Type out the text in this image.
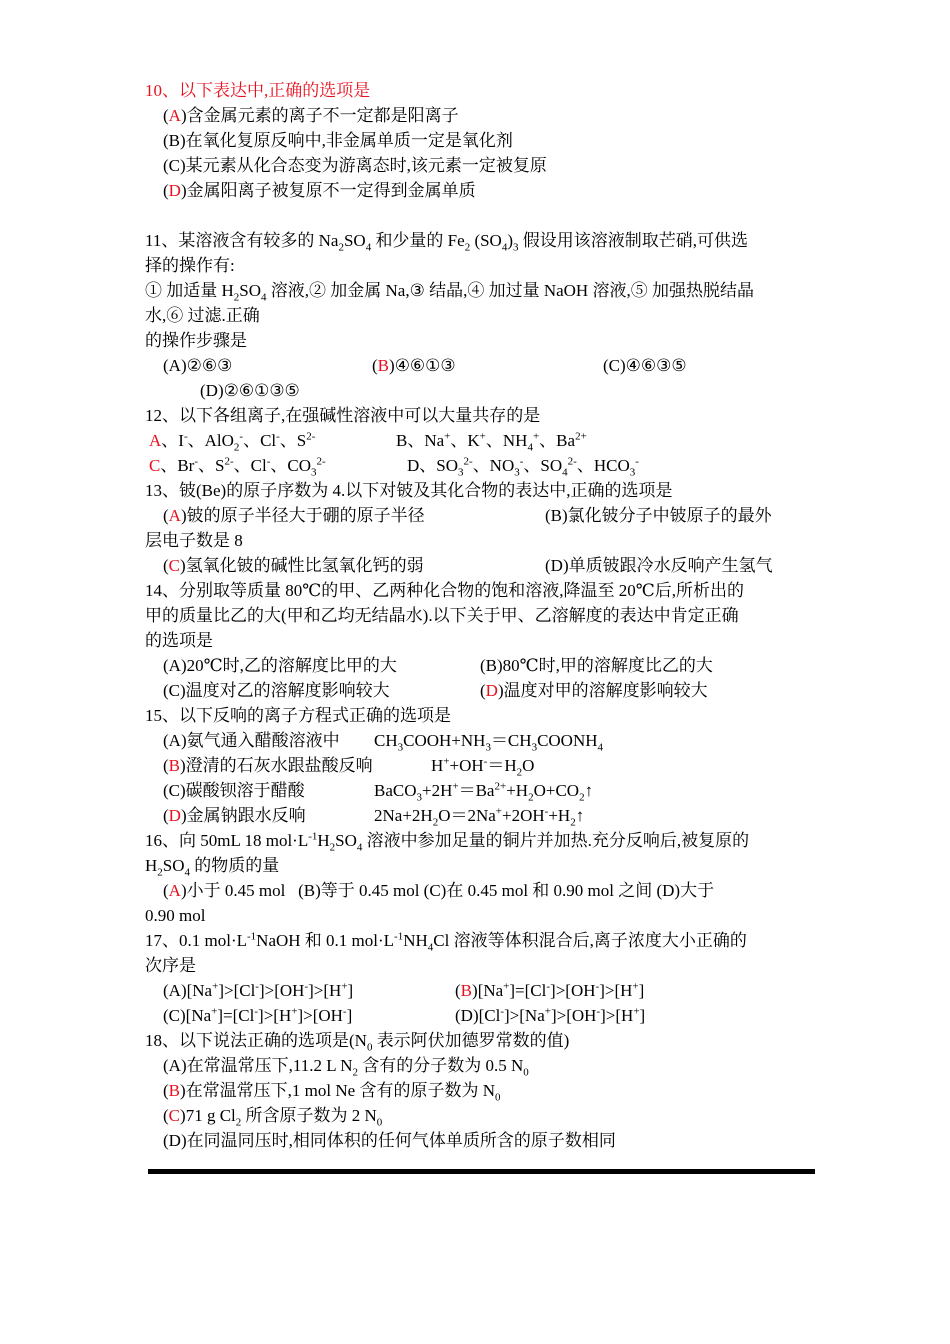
10、以下表达中,正确的选项是
(A)含金属元素的离子不一定都是阳离子
(B)在氧化复原反响中,非金属单质一定是氧化剂
(C)某元素从化合态变为游离态时,该元素一定被复原
(D)金属阳离子被复原不一定得到金属单质
11、某溶液含有较多的 $Na_2SO_4$ 和少量的 $Fe_2$ $(SO_4)_3$ 假设用该溶液制取芒硝,可供选
择的操作有:
① 加适量 $H_2SO_4$ 溶液,② 加金属 Na,③ 结晶,④ 加过量 NaOH 溶液,⑤ 加强热脱结晶
水,⑥ 过滤.正确
的操作步骤是
(A)②⑥③	(B)④⑥①③	(C)④⑥③⑤
(D)②⑥①③⑤
12、以下各组离子,在强碱性溶液中可以大量共存的是
A、I-、AlO$_2$-、Cl-、$S^{2-}$	B、Na+、K+、$NH_4^+$、$Ba^{2+}$
C、Br-、$S^{2-}$、Cl-、$CO_3^{2-}$	D、$SO_3^{2-}$、$NO_3^-$、$SO_4^{2-}$、$HCO_3^-$
13、铍(Be)的原子序数为 4.以下对铍及其化合物的表达中,正确的选项是
(A)铍的原子半径大于硼的原子半径	(B)氯化铍分子中铍原子的最外
层电子数是 8
(C)氢氧化铍的碱性比氢氧化钙的弱	(D)单质铍跟冷水反响产生氢气
14、分别取等质量 80℃的甲、乙两种化合物的饱和溶液,降温至 20℃后,所析出的
甲的质量比乙的大(甲和乙均无结晶水).以下关于甲、乙溶解度的表达中肯定正确
的选项是
(A)20℃时,乙的溶解度比甲的大	(B)80℃时,甲的溶解度比乙的大
(C)温度对乙的溶解度影响较大	(D)温度对甲的溶解度影响较大
15、以下反响的离子方程式正确的选项是
(A)氨气通入醋酸溶液中 $CH_3COOH+NH_3=CH_3COONH_4$
(B)澄清的石灰水跟盐酸反响	$H^++OH^-=H_2O$
(C)碳酸钡溶于醋酸	$BaCO_3+2H^+=Ba^{2+}+H_2O+CO_2↑$
(D)金属钠跟水反响	$2Na+2H_2O=2Na^++2OH^-+H_2↑$
16、向 50mL 18 $mol\cdot L^{-1}H_2SO_4$ 溶液中参加足量的铜片并加热.充分反响后,被复原的
$H_2SO_4$ 的物质的量
(A)小于 0.45 mol (B)等于 0.45 mol (C)在 0.45 mol 和 0.90 mol 之间 (D)大于
0.90 mol
17、0.1 $mol\cdot L^{-1}NaOH$ 和 0.1 $mol\cdot L^{-1}NH_4Cl$ 溶液等体积混合后,离子浓度大小正确的
次序是
(A)[Na+]>[Cl-]>[OH-]>[H+]	(B)[Na+]=[Cl-]>[OH-]>[H+]
(C)[Na+]=[Cl-]>[H+]>[OH-]	(D)[Cl-]>[Na+]>[OH-]>[H+]
18、以下说法正确的选项是($N_0$ 表示阿伏加德罗常数的值)
(A)在常温常压下,11.2 L $N_2$ 含有的分子数为 0.5 $N_0$
(B)在常温常压下,1 mol Ne 含有的原子数为 $N_0$
(C)71 g $Cl_2$ 所含原子数为 2 $N_0$
(D)在同温同压时,相同体积的任何气体单质所含的原子数相同
